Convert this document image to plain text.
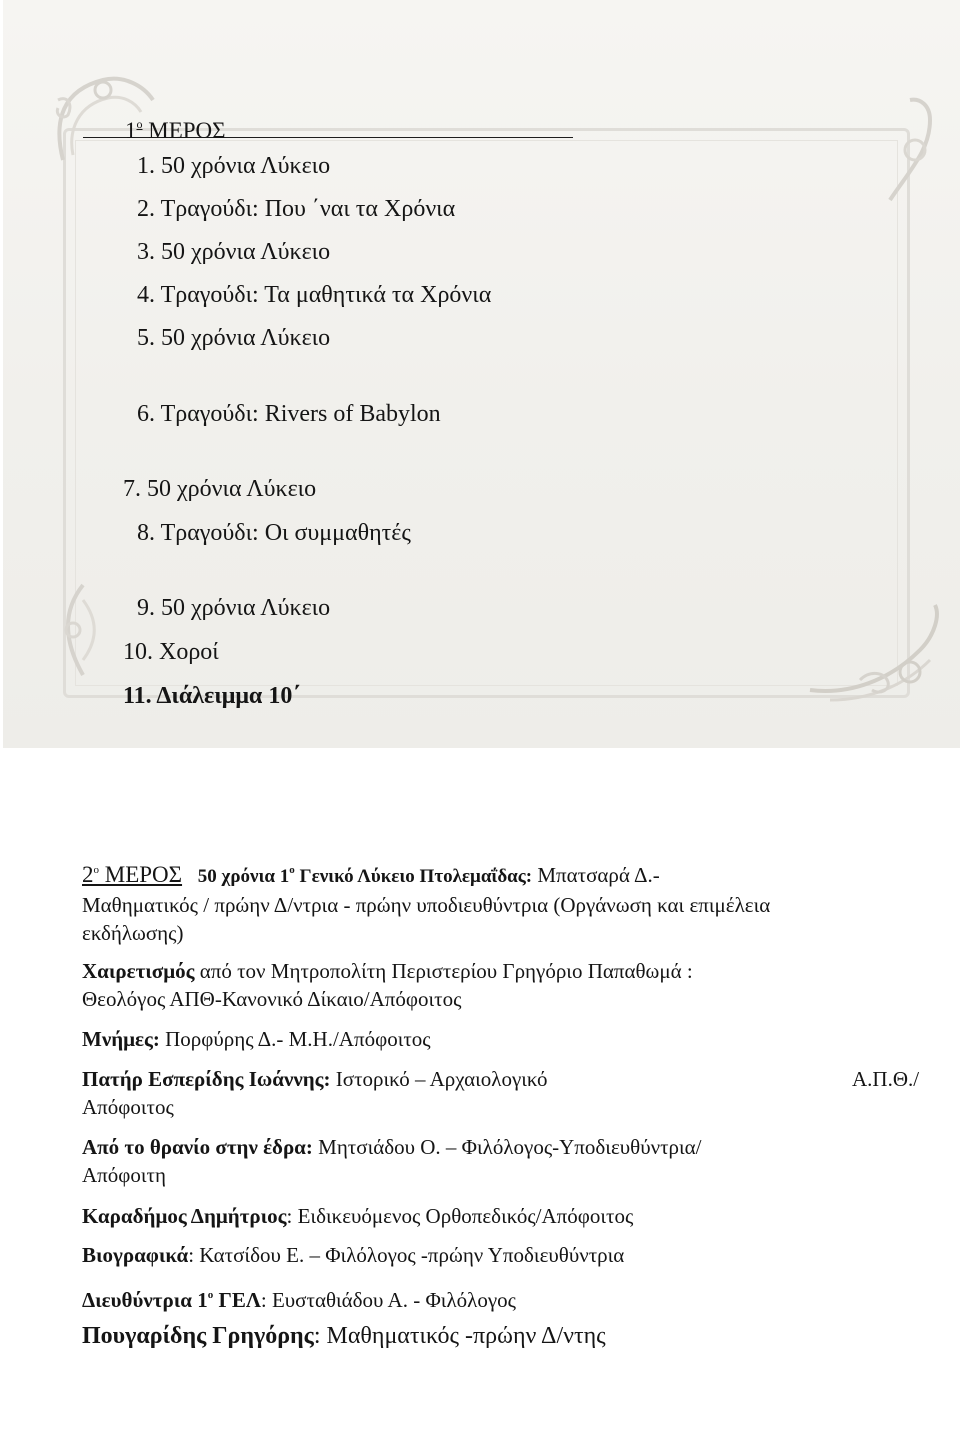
1$^o$ ΜΕΡΟΣ
1. 50 χρόνια Λύκειο
2. Τραγούδι: Που ΄ναι τα Χρόνια
3. 50 χρόνια Λύκειο
4. Τραγούδι: Τα μαθητικά τα Χρόνια
5. 50 χρόνια Λύκειο
6. Τραγούδι: Rivers of Babylon
7. 50 χρόνια Λύκειο
8. Τραγούδι: Οι συμμαθητές
9. 50 χρόνια Λύκειο
10. Χοροί
11. Διάλειμμα 10΄
$2^o$ ΜΕΡΟΣ 50 χρόνια $1^o$ Γενικό Λύκειο Πτολεμαΐδας: Μπατσαρά Δ.-
Μαθηματικός / πρώην Δ/ντρια - πρώην υποδιευθύντρια (Οργάνωση και επιμέλεια
εκδήλωσης)
Χαιρετισμός από τον Μητροπολίτη Περιστερίου Γρηγόριο Παπαθωμά :
Θεολόγος ΑΠΘ-Κανονικό Δίκαιο/Απόφοιτος
Μνήμες: Πορφύρης Δ.- Μ.Η./Απόφοιτος
Πατήρ Εσπερίδης Ιωάννης: Ιστορικό – Αρχαιολογικό	Α.Π.Θ./
Απόφοιτος
Από το θρανίο στην έδρα: Μητσιάδου Ο. – Φιλόλογος-Υποδιευθύντρια/
Απόφοιτη
Καραδήμος Δημήτριος: Ειδικευόμενος Ορθοπεδικός/Απόφοιτος
Βιογραφικά: Κατσίδου Ε. – Φιλόλογος -πρώην Υποδιευθύντρια
Διευθύντρια $1^o$ ΓΕΛ: Ευσταθιάδου Α. - Φιλόλογος
Πουγαρίδης Γρηγόρης: Μαθηματικός -πρώην Δ/ντης
